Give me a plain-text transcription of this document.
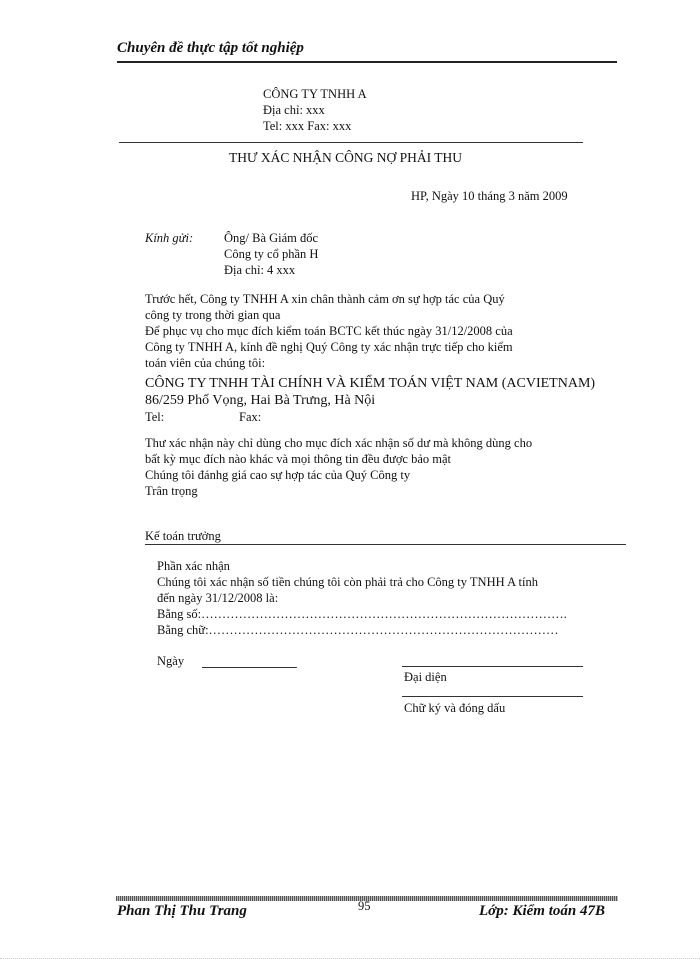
Chuyên đề thực tập tốt nghiệp
CÔNG TY TNHH A
Địa chỉ: xxx
Tel: xxx Fax: xxx
THƯ XÁC NHẬN CÔNG NỢ PHẢI THU
HP, Ngày 10 tháng 3 năm 2009
Kính gửi: Ông/ Bà Giám đốc
Công ty cổ phần H
Địa chỉ: 4 xxx
Trước hết, Công ty TNHH A xin chân thành cảm ơn sự hợp tác của Quý
công ty trong thời gian qua
Để phục vụ cho mục đích kiểm toán BCTC kết thúc ngày 31/12/2008 của
Công ty TNHH A, kính đề nghị Quý Công ty xác nhận trực tiếp cho kiểm
toán viên của chúng tôi:
CÔNG TY TNHH TÀI CHÍNH VÀ KIỂM TOÁN VIỆT NAM (ACVIETNAM)
86/259 Phố Vọng, Hai Bà Trưng, Hà Nội
Tel:	Fax:
Thư xác nhận này chỉ dùng cho mục đích xác nhận số dư mà không dùng cho
bất kỳ mục đích nào khác và mọi thông tin đều được bảo mật
Chúng tôi đánhg giá cao sự hợp tác của Quý Công ty
Trân trọng
Kế toán trưởng
Phần xác nhận
Chúng tôi xác nhận số tiền chúng tôi còn phải trả cho Công ty TNHH A tính
đến ngày 31/12/2008 là:
Bằng số:…………………………………………………………………………….
Bằng chữ:…………………………………………………………………………
Ngày
Đại diện
Chữ ký và đóng dấu
Phan Thị Thu Trang	95	Lớp: Kiểm toán 47B
